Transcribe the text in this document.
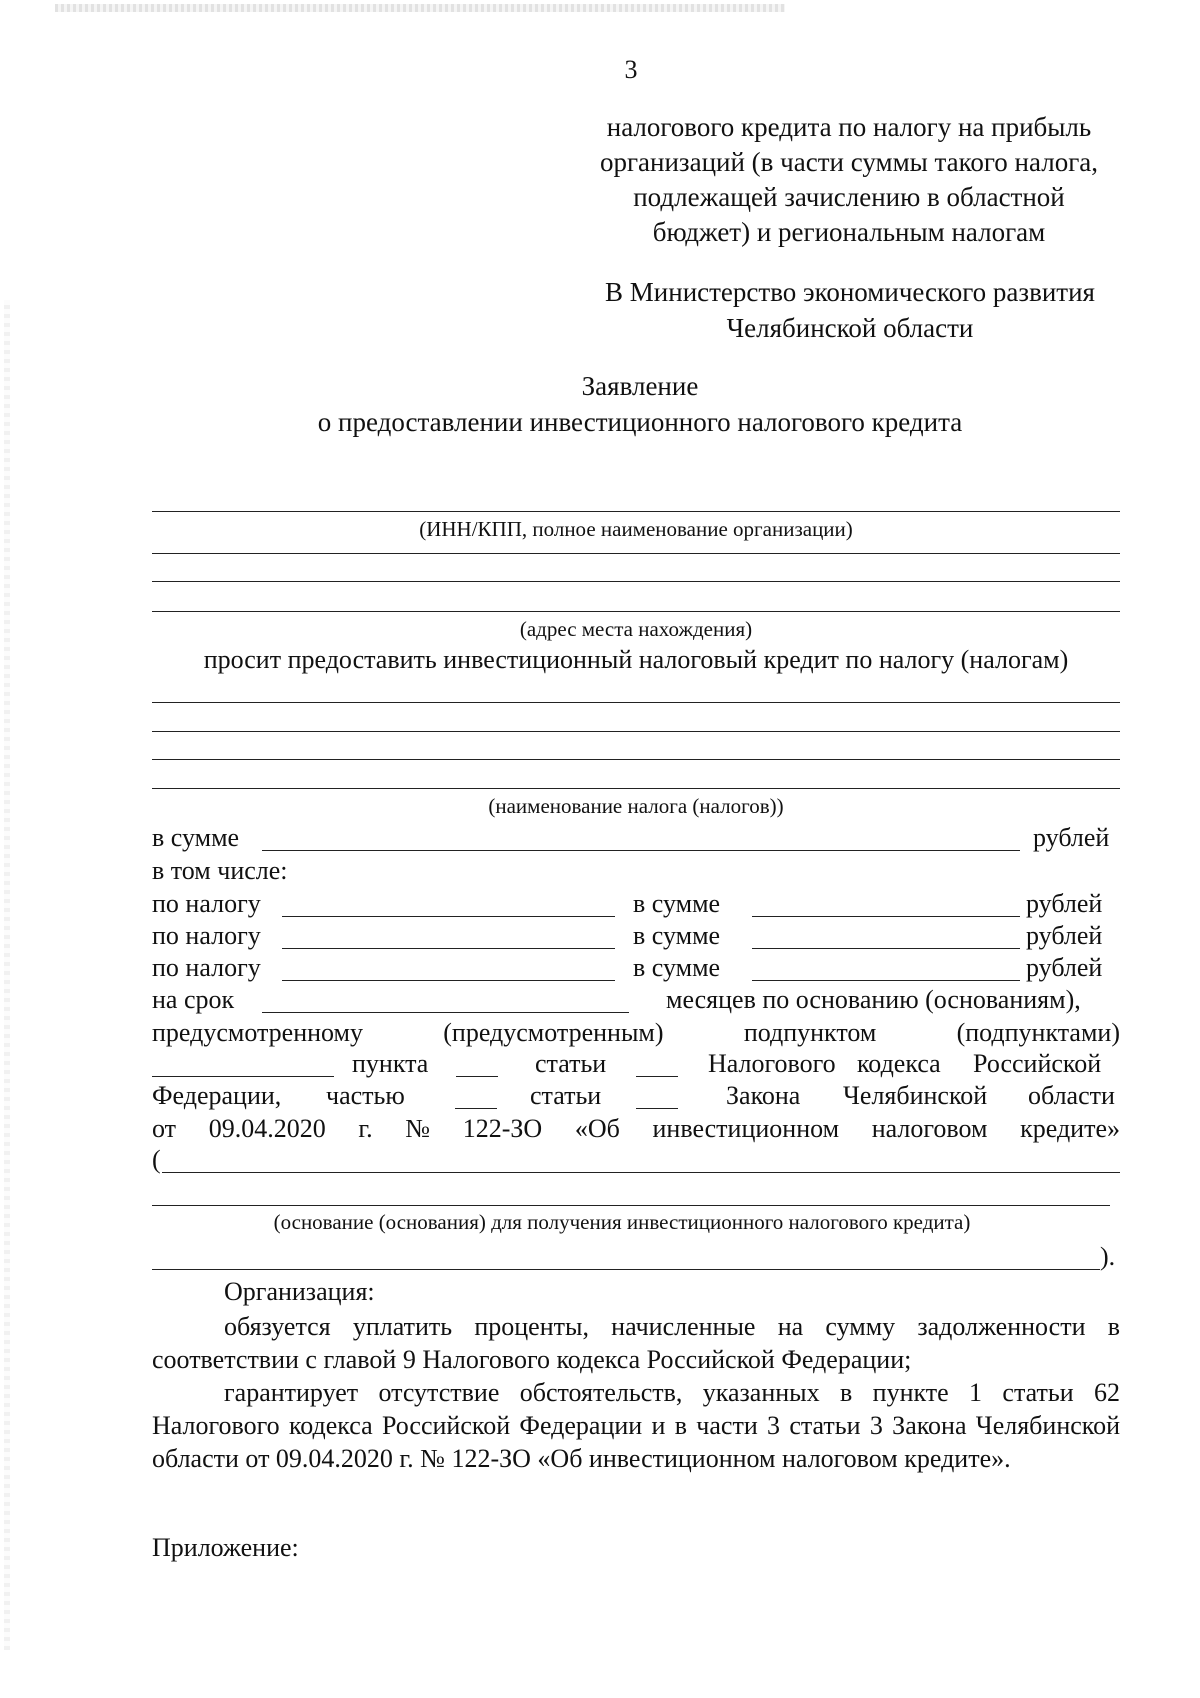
3
налогового кредита по налогу на прибыль
организаций (в части суммы такого налога,
подлежащей зачислению в областной
бюджет) и региональным налогам
В Министерство экономического развития
Челябинской области
Заявление
о предоставлении инвестиционного налогового кредита
(ИНН/КПП, полное наименование организации)
(адрес места нахождения)
просит предоставить инвестиционный налоговый кредит по налогу (налогам)
(наименование налога (налогов))
в сумме	рублей
в том числе:
по налогу	в сумме	рублей
по налогу	в сумме	рублей
по налогу	в сумме	рублей
на срок	месяцев по основанию (основаниям),
предусмотренному	(предусмотренным)	подпунктом	(подпунктами)
пункта	статьи	Налогового кодекса Российской
Федерации, частью	статьи	Закона Челябинской области
от 09.04.2020 г. № 122-ЗО «Об инвестиционном налоговом кредите»
(
(основание (основания) для получения инвестиционного налогового кредита)
).
Организация:
обязуется уплатить проценты, начисленные на сумму задолженности в соответствии с главой 9 Налогового кодекса Российской Федерации;
гарантирует отсутствие обстоятельств, указанных в пункте 1 статьи 62 Налогового кодекса Российской Федерации и в части 3 статьи 3 Закона Челябинской области от 09.04.2020 г. № 122-ЗО «Об инвестиционном налоговом кредите».
Приложение:
